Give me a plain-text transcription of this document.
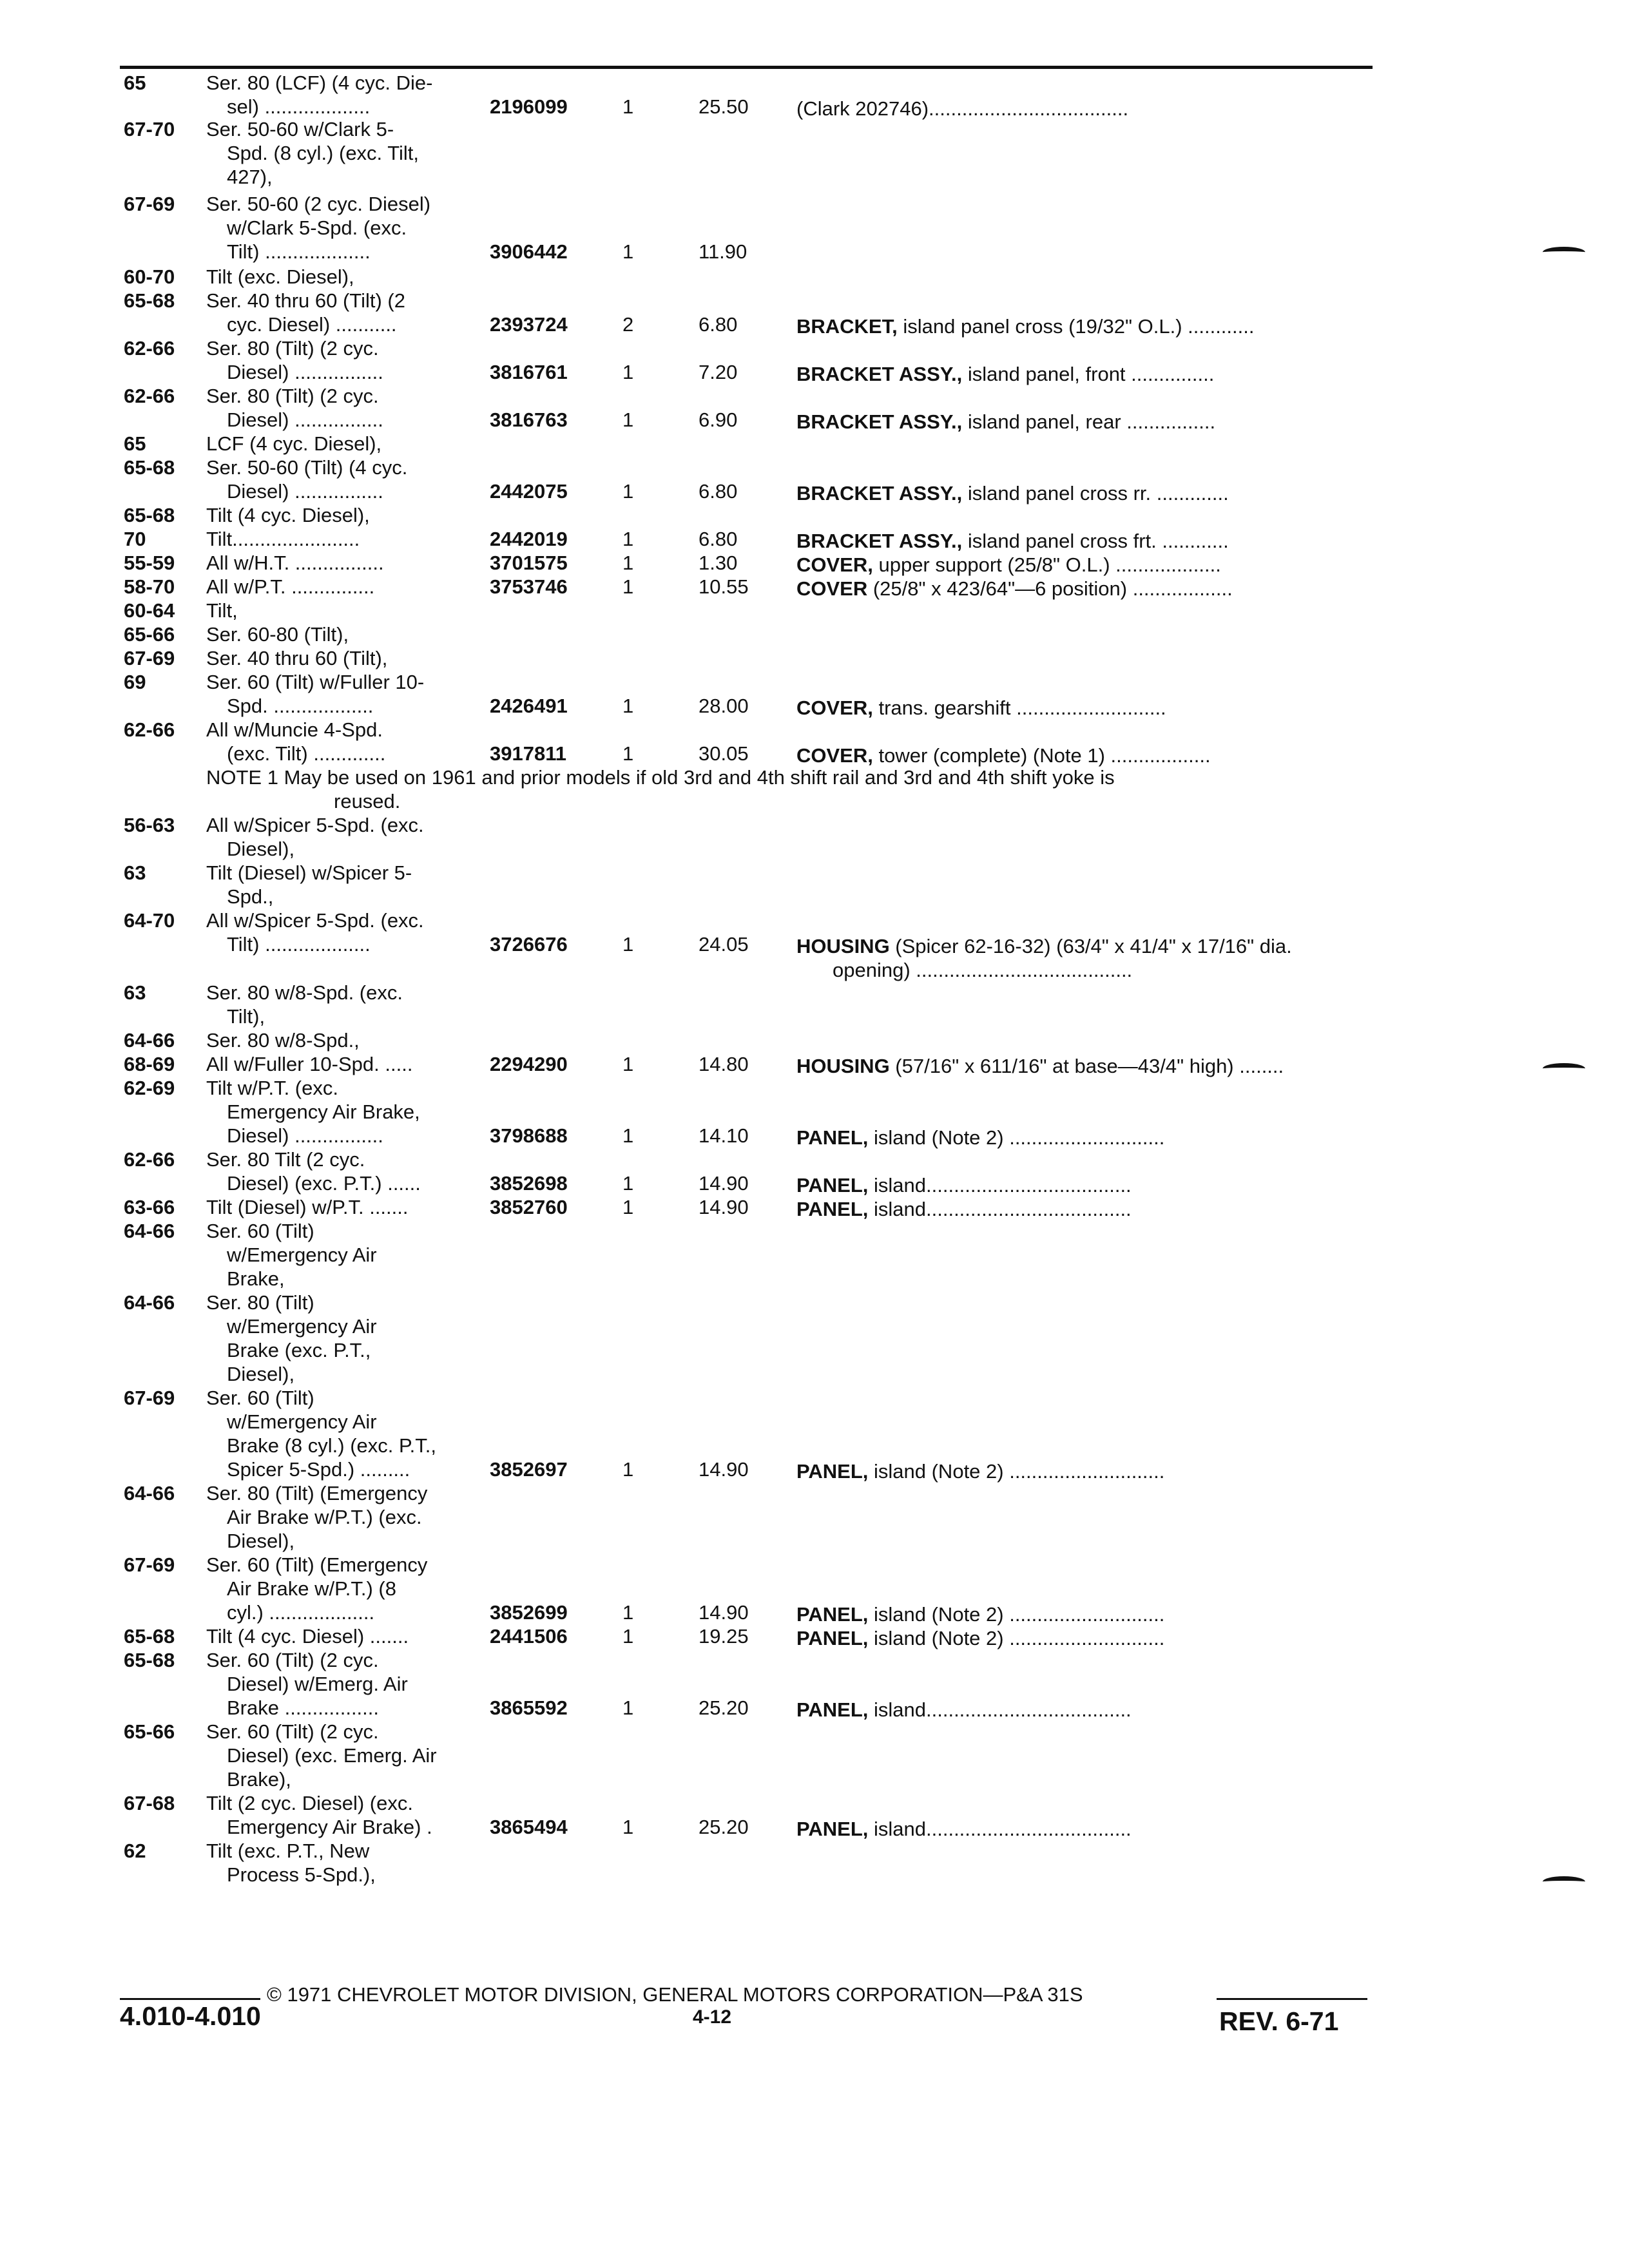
65	Ser. 80 (LCF) (4 cyc. Die-
sel) ...................	2196099	1	25.50 (Clark 202746)....................................
67-70 Ser. 50-60 w/Clark 5-
Spd. (8 cyl.) (exc. Tilt,
427),
67-69 Ser. 50-60 (2 cyc. Diesel)
w/Clark 5-Spd. (exc.
Tilt) ...................	3906442	1	11.90
60-70 Tilt (exc. Diesel),
65-68 Ser. 40 thru 60 (Tilt) (2
cyc. Diesel) ...........	2393724	2	6.80	BRACKET, island panel cross (19/32" O.L.) ............
62-66 Ser. 80 (Tilt) (2 cyc.
Diesel) ................	3816761	1	7.20	BRACKET ASSY., island panel, front ...............
62-66 Ser. 80 (Tilt) (2 cyc.
Diesel) ................	3816763	1	6.90	BRACKET ASSY., island panel, rear ................
65	LCF (4 cyc. Diesel),
65-68 Ser. 50-60 (Tilt) (4 cyc.
Diesel) ................	2442075	1	6.80	BRACKET ASSY., island panel cross rr. .............
65-68 Tilt (4 cyc. Diesel),
70	Tilt.......................	2442019	1	6.80	BRACKET ASSY., island panel cross frt. ............
55-59 All w/H.T. ................	3701575	1	1.30	COVER, upper support (25/8" O.L.) ...................
58-70 All w/P.T. ...............	3753746	1	10.55 COVER (25/8" x 423/64"—6 position) ..................
60-64 Tilt,
65-66 Ser. 60-80 (Tilt),
67-69 Ser. 40 thru 60 (Tilt),
69	Ser. 60 (Tilt) w/Fuller 10-
Spd. ..................	2426491	1	28.00 COVER, trans. gearshift ...........................
62-66 All w/Muncie 4-Spd.
(exc. Tilt) .............	3917811	1	30.05 COVER, tower (complete) (Note 1) ..................
56-63 All w/Spicer 5-Spd. (exc.
Diesel),
63	Tilt (Diesel) w/Spicer 5-
Spd.,
64-70 All w/Spicer 5-Spd. (exc.
Tilt) ...................	3726676	1	24.05 HOUSING (Spicer 62-16-32) (63/4" x 41/4" x 17/16" dia.
opening) .......................................
63	Ser. 80 w/8-Spd. (exc.
Tilt),
64-66 Ser. 80 w/8-Spd.,
68-69 All w/Fuller 10-Spd. .....	2294290	1	14.80 HOUSING (57/16" x 611/16" at base—43/4" high) ........
62-69 Tilt w/P.T. (exc.
Emergency Air Brake,
Diesel) ................	3798688	1	14.10 PANEL, island (Note 2) ............................
62-66 Ser. 80 Tilt (2 cyc.
Diesel) (exc. P.T.) ......	3852698	1	14.90 PANEL, island.....................................
63-66 Tilt (Diesel) w/P.T. .......	3852760	1	14.90 PANEL, island.....................................
64-66 Ser. 60 (Tilt)
w/Emergency Air
Brake,
64-66 Ser. 80 (Tilt)
w/Emergency Air
Brake (exc. P.T.,
Diesel),
67-69 Ser. 60 (Tilt)
w/Emergency Air
Brake (8 cyl.) (exc. P.T.,
Spicer 5-Spd.) .........	3852697	1	14.90 PANEL, island (Note 2) ............................
64-66 Ser. 80 (Tilt) (Emergency
Air Brake w/P.T.) (exc.
Diesel),
67-69 Ser. 60 (Tilt) (Emergency
Air Brake w/P.T.) (8
cyl.) ...................	3852699	1	14.90 PANEL, island (Note 2) ............................
65-68 Tilt (4 cyc. Diesel) .......	2441506	1	19.25 PANEL, island (Note 2) ............................
65-68 Ser. 60 (Tilt) (2 cyc.
Diesel) w/Emerg. Air
Brake .................	3865592	1	25.20 PANEL, island.....................................
65-66 Ser. 60 (Tilt) (2 cyc.
Diesel) (exc. Emerg. Air
Brake),
67-68 Tilt (2 cyc. Diesel) (exc.
Emergency Air Brake) .	3865494	1	25.20 PANEL, island.....................................
62	Tilt (exc. P.T., New
Process 5-Spd.),
NOTE 1 May be used on 1961 and prior models if old 3rd and 4th shift rail and 3rd and 4th shift yoke is
reused.
© 1971 CHEVROLET MOTOR DIVISION, GENERAL MOTORS CORPORATION—P&A 31S
4.010-4.010	4-12	REV. 6-71
